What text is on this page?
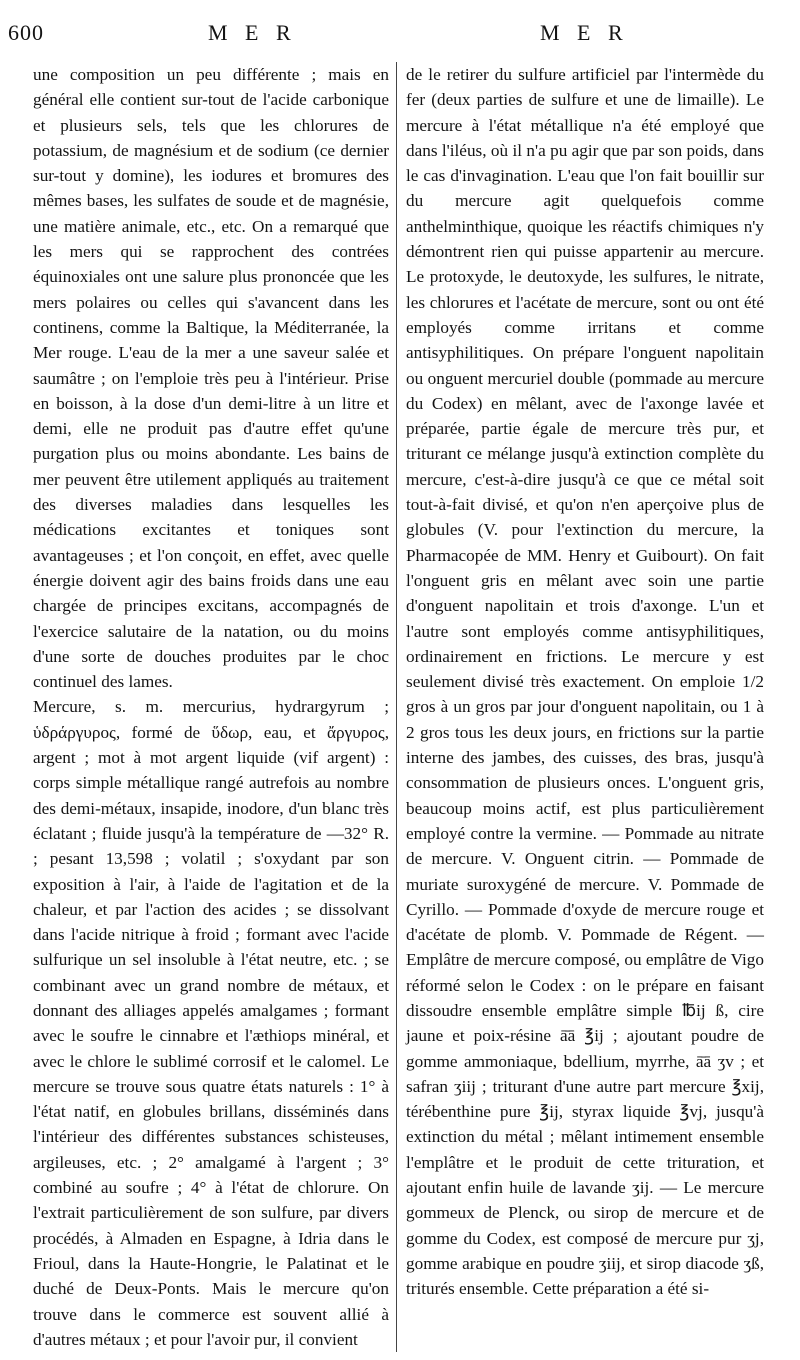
600	M E R	M E R

une composition un peu différente ; mais en général elle contient sur-tout de l'acide carbonique et plusieurs sels, tels que les chlorures de potassium, de magnésium et de sodium (ce dernier sur-tout y domine), les iodures et bromures des mêmes bases, les sulfates de soude et de magnésie, une matière animale, etc., etc. On a remarqué que les mers qui se rapprochent des contrées équinoxiales ont une salure plus prononcée que les mers polaires ou celles qui s'avancent dans les continens, comme la Baltique, la Méditerranée, la Mer rouge. L'eau de la mer a une saveur salée et saumâtre ; on l'emploie très peu à l'intérieur. Prise en boisson, à la dose d'un demi-litre à un litre et demi, elle ne produit pas d'autre effet qu'une purgation plus ou moins abondante. Les bains de mer peuvent être utilement appliqués au traitement des diverses maladies dans lesquelles les médications excitantes et toniques sont avantageuses ; et l'on conçoit, en effet, avec quelle énergie doivent agir des bains froids dans une eau chargée de principes excitans, accompagnés de l'exercice salutaire de la natation, ou du moins d'une sorte de douches produites par le choc continuel des lames.

Mercure, s. m. mercurius, hydrargyrum ; ὑδράργυρος, formé de ὕδωρ, eau, et ἄργυρος, argent ; mot à mot argent liquide (vif argent) : corps simple métallique rangé autrefois au nombre des demi-métaux, insapide, inodore, d'un blanc très éclatant ; fluide jusqu'à la température de —32° R. ; pesant 13,598 ; volatil ; s'oxydant par son exposition à l'air, à l'aide de l'agitation et de la chaleur, et par l'action des acides ; se dissolvant dans l'acide nitrique à froid ; formant avec l'acide sulfurique un sel insoluble à l'état neutre, etc. ; se combinant avec un grand nombre de métaux, et donnant des alliages appelés amalgames ; formant avec le soufre le cinnabre et l'æthiops minéral, et avec le chlore le sublimé corrosif et le calomel. Le mercure se trouve sous quatre états naturels : 1° à l'état natif, en globules brillans, disséminés dans l'intérieur des différentes substances schisteuses, argileuses, etc. ; 2° amalgamé à l'argent ; 3° combiné au soufre ; 4° à l'état de chlorure. On l'extrait particulièrement de son sulfure, par divers procédés, à Almaden en Espagne, à Idria dans le Frioul, dans la Haute-Hongrie, le Palatinat et le duché de Deux-Ponts. Mais le mercure qu'on trouve dans le commerce est souvent allié à d'autres métaux ; et pour l'avoir pur, il convient

de le retirer du sulfure artificiel par l'intermède du fer (deux parties de sulfure et une de limaille). Le mercure à l'état métallique n'a été employé que dans l'iléus, où il n'a pu agir que par son poids, dans le cas d'invagination. L'eau que l'on fait bouillir sur du mercure agit quelquefois comme anthelminthique, quoique les réactifs chimiques n'y démontrent rien qui puisse appartenir au mercure. Le protoxyde, le deutoxyde, les sulfures, le nitrate, les chlorures et l'acétate de mercure, sont ou ont été employés comme irritans et comme antisyphilitiques. On prépare l'onguent napolitain ou onguent mercuriel double (pommade au mercure du Codex) en mêlant, avec de l'axonge lavée et préparée, partie égale de mercure très pur, et triturant ce mélange jusqu'à extinction complète du mercure, c'est-à-dire jusqu'à ce que ce métal soit tout-à-fait divisé, et qu'on n'en aperçoive plus de globules (V. pour l'extinction du mercure, la Pharmacopée de MM. Henry et Guibourt). On fait l'onguent gris en mêlant avec soin une partie d'onguent napolitain et trois d'axonge. L'un et l'autre sont employés comme antisyphilitiques, ordinairement en frictions. Le mercure y est seulement divisé très exactement. On emploie 1/2 gros à un gros par jour d'onguent napolitain, ou 1 à 2 gros tous les deux jours, en frictions sur la partie interne des jambes, des cuisses, des bras, jusqu'à consommation de plusieurs onces. L'onguent gris, beaucoup moins actif, est plus particulièrement employé contre la vermine. — Pommade au nitrate de mercure. V. Onguent citrin. — Pommade de muriate suroxygéné de mercure. V. Pommade de Cyrillo. — Pommade d'oxyde de mercure rouge et d'acétate de plomb. V. Pommade de Régent. — Emplâtre de mercure composé, ou emplâtre de Vigo réformé selon le Codex : on le prépare en faisant dissoudre ensemble emplâtre simple ℔ij ß, cire jaune et poix-résine ā̄ā ℥ij ; ajoutant poudre de gomme ammoniaque, bdellium, myrrhe, ā̄ā ʒv ; et safran ʒiij ; triturant d'une autre part mercure ℥xij, térébenthine pure ℥ij, styrax liquide ℥vj, jusqu'à extinction du métal ; mêlant intimement ensemble l'emplâtre et le produit de cette trituration, et ajoutant enfin huile de lavande ʒij. — Le mercure gommeux de Plenck, ou sirop de mercure et de gomme du Codex, est composé de mercure pur ʒj, gomme arabique en poudre ʒiij, et sirop diacode ʒß, triturés ensemble. Cette préparation a été si-
